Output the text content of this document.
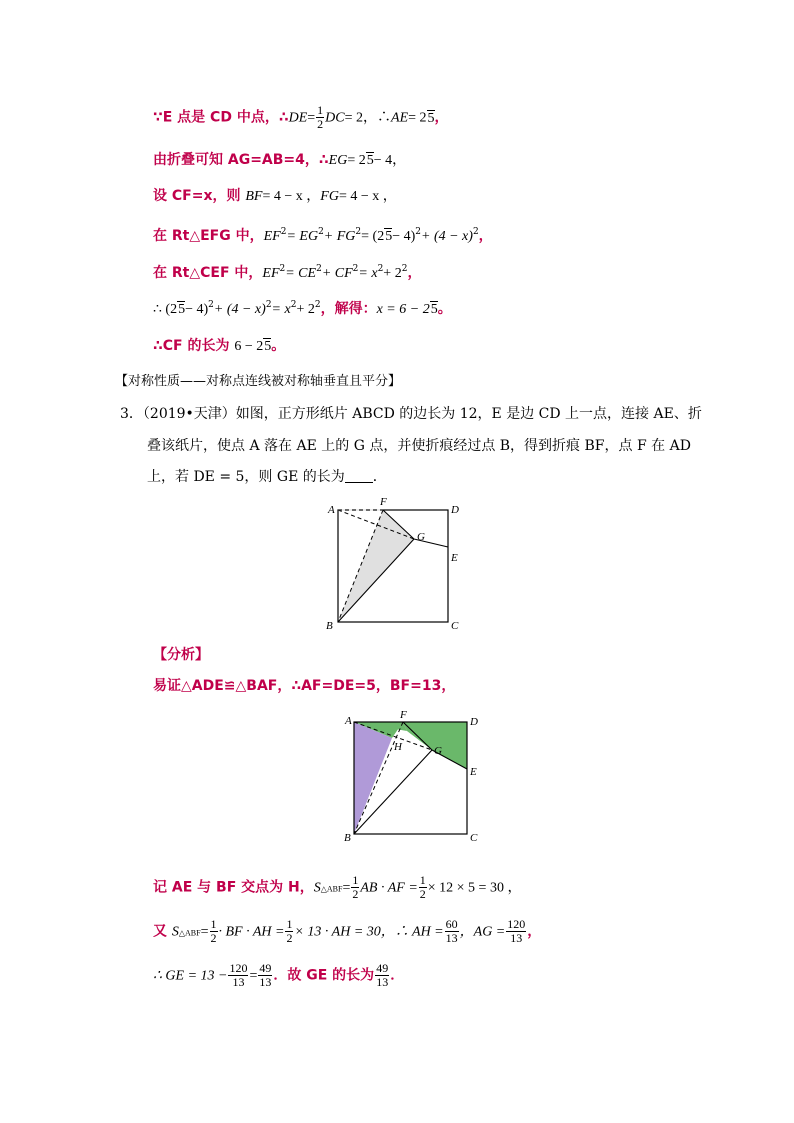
∵E 点是 CD 中点，∴DE= $\frac{1}{2} DC= 2$，∴AE= 25，
由折叠可知 AG=AB=4，∴EG= 25− 4，
设 CF=x，则 BF= 4 − x ，FG= 4 − x ，
在 Rt△EFG 中，$EF^2= EG^2+ FG^2= (25- 4)^2+ (4 - x)^2$，
在 Rt△CEF 中，$EF^2= CE^2+ CF^2= x^2+ 2^2$，
∴ $(25- 4)^2+ (4 - x)^2= x^2+ 2^2$，解得：x = 6 − 25。
∴CF 的长为 6 − 25。
【对称性质——对称点连线被对称轴垂直且平分】
3．（2019•天津）如图，正方形纸片 ABCD 的边长为 12，E 是边 CD 上一点，连接 AE、折
叠该纸片，使点 A 落在 AE 上的 G 点，并使折痕经过点 B，得到折痕 BF，点 F 在 AD
上，若 DE = 5，则 GE 的长为 ．
A
F
D
G
E
B	C
【分析】
易证△ADE≌△BAF，∴AF=DE=5，BF=13，
A	F
D
H	G
E
B	C
记 AE 与 BF 交点为 H，S△ABF= $\frac{1}{2}$ AB · AF = $\frac{1}{2} \times 12 \times 5 = 30$ ，
又 S△ABF= $\frac{1}{2}$ · BF · AH = $\frac{1}{2} \times 13$ · AH = 30，∴ AH = $\frac{60}{13}$ ，AG = $\frac{120}{13}$ ，
∴ GE = $13 - \frac{120}{13} = \frac{49}{13}$ ．故 GE 的长为 $\frac{49}{13}$ ．
